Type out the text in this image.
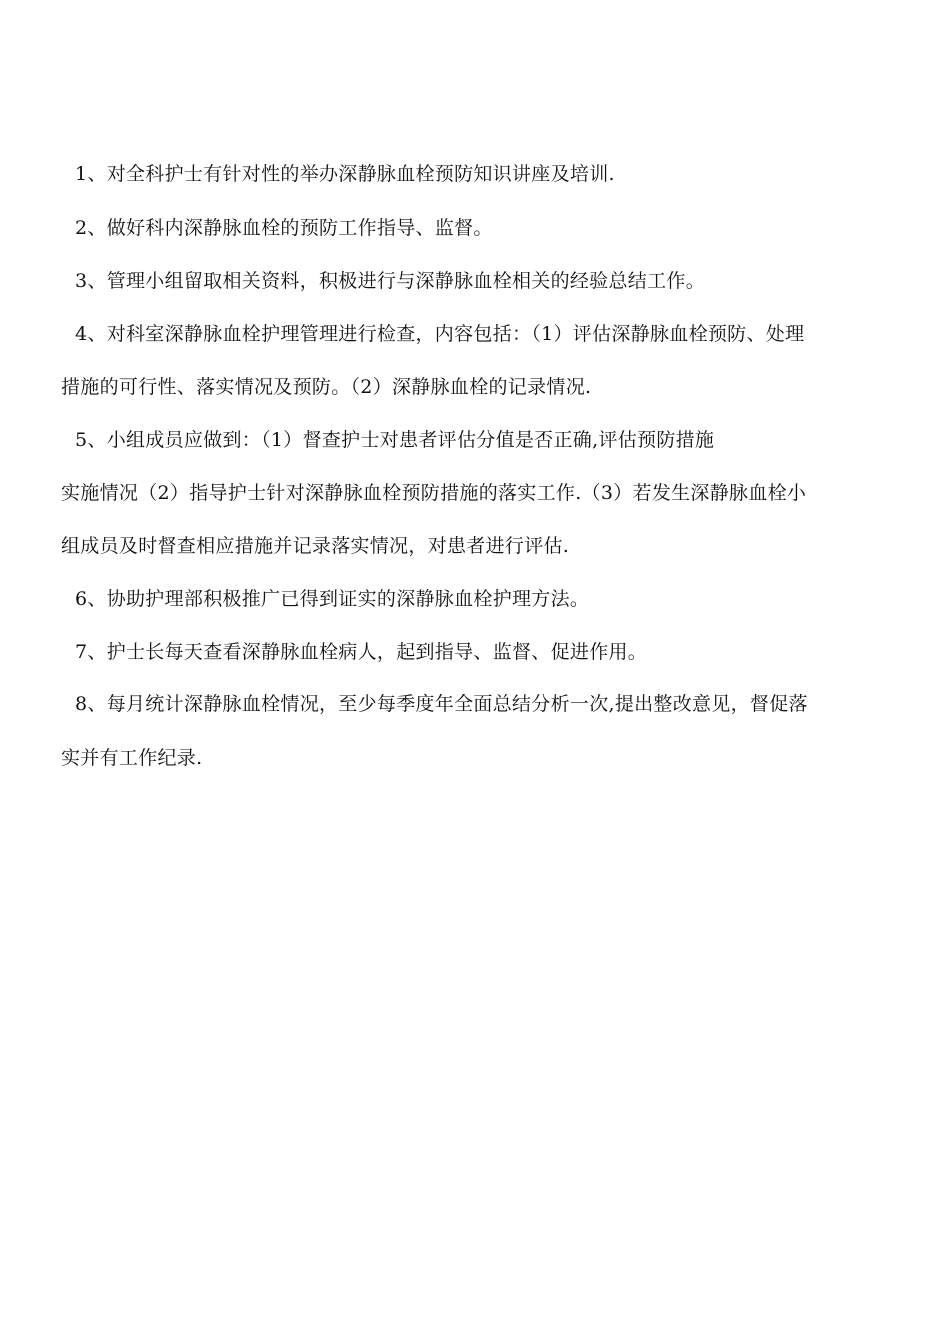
1、对全科护士有针对性的举办深静脉血栓预防知识讲座及培训.

2、做好科内深静脉血栓的预防工作指导、监督。

3、管理小组留取相关资料，积极进行与深静脉血栓相关的经验总结工作。

4、对科室深静脉血栓护理管理进行检查，内容包括：（1）评估深静脉血栓预防、处理

措施的可行性、落实情况及预防。（2）深静脉血栓的记录情况.

5、小组成员应做到：（1）督查护士对患者评估分值是否正确,评估预防措施

实施情况（2）指导护士针对深静脉血栓预防措施的落实工作.（3）若发生深静脉血栓小

组成员及时督查相应措施并记录落实情况，对患者进行评估.

6、协助护理部积极推广已得到证实的深静脉血栓护理方法。

7、护士长每天查看深静脉血栓病人，起到指导、监督、促进作用。

8、每月统计深静脉血栓情况，至少每季度年全面总结分析一次,提出整改意见，督促落

实并有工作纪录.
